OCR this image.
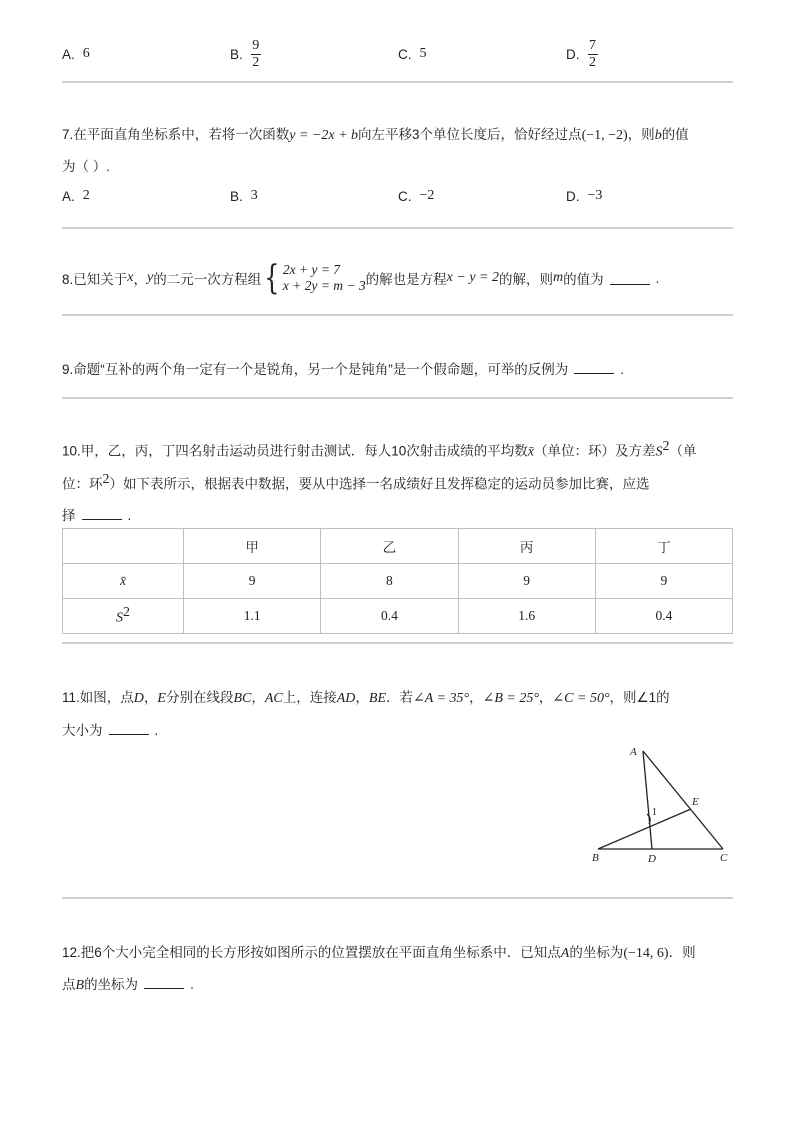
A. 6	B. $\frac{9}{2}$	C. 5	D. $\frac{7}{2}$
7.在平面直角坐标系中，若将一次函数y = −2x + b向左平移3个单位长度后，恰好经过点(−1, −2)，则b的值
为（ ）.
A. 2	B. 3	C. −2	D. −3
8.已知关于 x ， y 的二元一次方程组 { 2x + y = 7
x + 2y = m − 3 的解也是方程 x − y = 2 的解，则 m 的值为	.
9.命题“互补的两个角一定有一个是锐角，另一个是钝角”是一个假命题，可举的反例为	.
10.甲，乙，丙，丁四名射击运动员进行射击测试．每人10次射击成绩的平均数x̄（单位：环）及方差$S^2$（单
位：环$^2$）如下表所示，根据表中数据，要从中选择一名成绩好且发挥稳定的运动员参加比赛，应选
择	.
	甲	乙	丙	丁
x̄	9	8	9	9
$S^2$	1.1	0.4	1.6	0.4
11.如图，点D，E分别在线段BC，AC上，连接AD，BE．若∠A = 35°，∠B = 25°，∠C = 50°，则∠1的
大小为	.
A
B	C
D
E
1
12.把6个大小完全相同的长方形按如图所示的位置摆放在平面直角坐标系中．已知点A的坐标为(−14, 6)．则
点B的坐标为	.
